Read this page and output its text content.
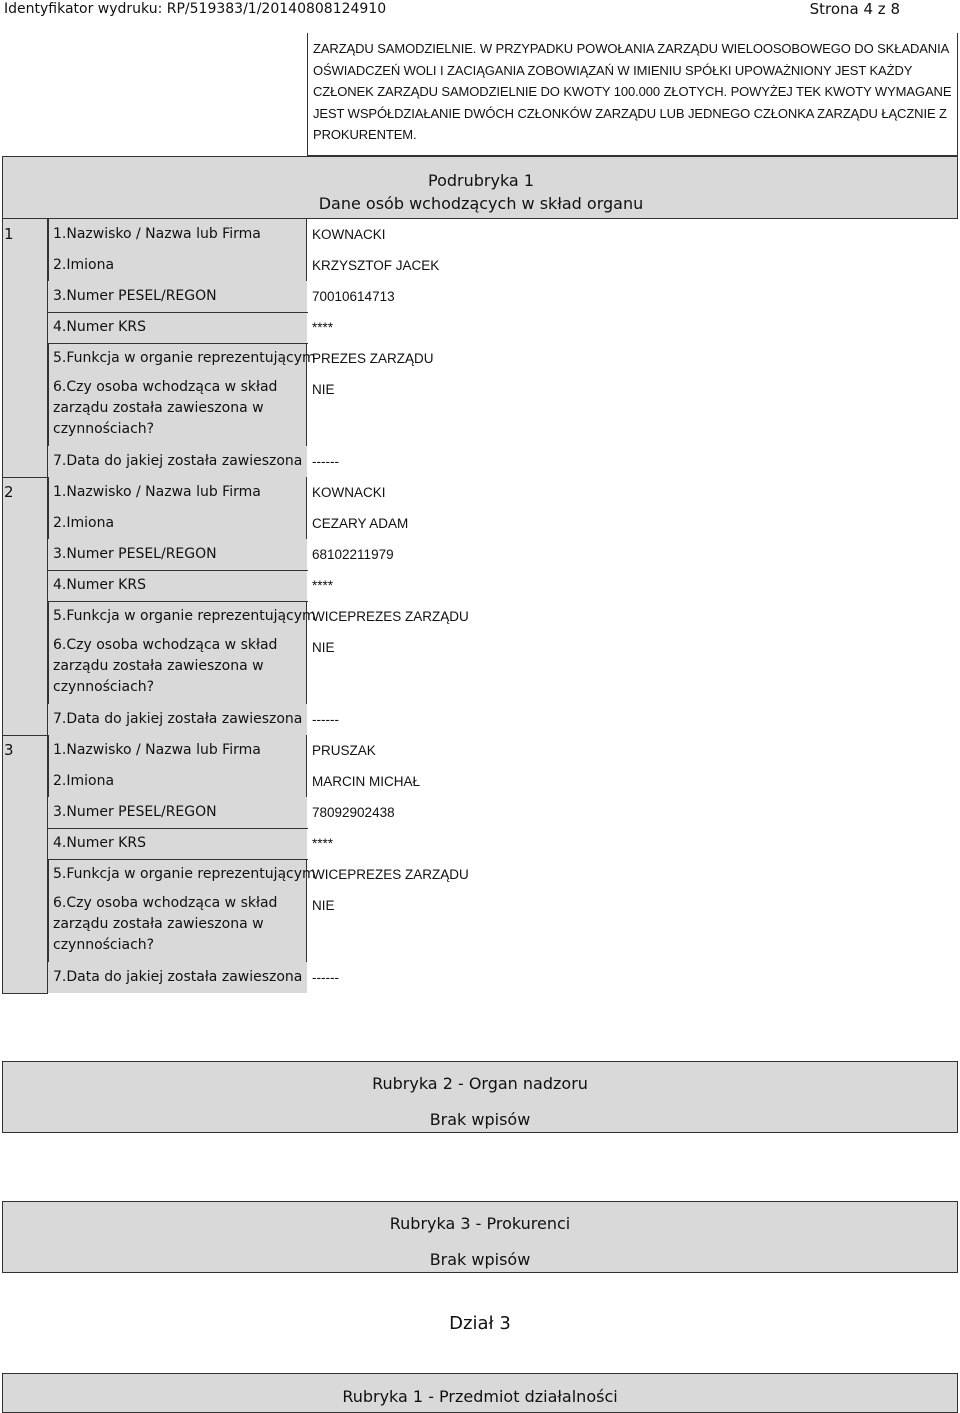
Identyfikator wydruku: RP/519383/1/20140808124910	Strona 4 z 8

ZARZĄDU SAMODZIELNIE. W PRZYPADKU POWOŁANIA ZARZĄDU WIELOOSOBOWEGO DO SKŁADANIA OŚWIADCZEŃ WOLI I ZACIĄGANIA ZOBOWIĄZAŃ W IMIENIU SPÓŁKI UPOWAŻNIONY JEST KAŻDY CZŁONEK ZARZĄDU SAMODZIELNIE DO KWOTY 100.000 ZŁOTYCH. POWYŻEJ TEK KWOTY WYMAGANE JEST WSPÓŁDZIAŁANIE DWÓCH CZŁONKÓW ZARZĄDU LUB JEDNEGO CZŁONKA ZARZĄDU ŁĄCZNIE Z PROKURENTEM.

Podrubryka 1
Dane osób wchodzących w skład organu
1	1.Nazwisko / Nazwa lub Firma	KOWNACKI
2.Imiona	KRZYSZTOF JACEK
3.Numer PESEL/REGON	70010614713
4.Numer KRS	****
5.Funkcja w organie reprezentującym
PREZES ZARZĄDU
6.Czy osoba wchodząca w skład zarządu została zawieszona w czynnościach?
NIE
7.Data do jakiej została zawieszona ------
2	1.Nazwisko / Nazwa lub Firma	KOWNACKI
2.Imiona	CEZARY ADAM
3.Numer PESEL/REGON	68102211979
4.Numer KRS	****
5.Funkcja w organie reprezentującym
WICEPREZES ZARZĄDU
6.Czy osoba wchodząca w skład zarządu została zawieszona w czynnościach?
NIE
7.Data do jakiej została zawieszona ------
3	1.Nazwisko / Nazwa lub Firma	PRUSZAK
2.Imiona	MARCIN MICHAŁ
3.Numer PESEL/REGON	78092902438
4.Numer KRS	****
5.Funkcja w organie reprezentującym
WICEPREZES ZARZĄDU
6.Czy osoba wchodząca w skład zarządu została zawieszona w czynnościach?
NIE
7.Data do jakiej została zawieszona ------
Rubryka 2 - Organ nadzoru
Brak wpisów
Rubryka 3 - Prokurenci
Brak wpisów
Dział 3
Rubryka 1 - Przedmiot działalności
